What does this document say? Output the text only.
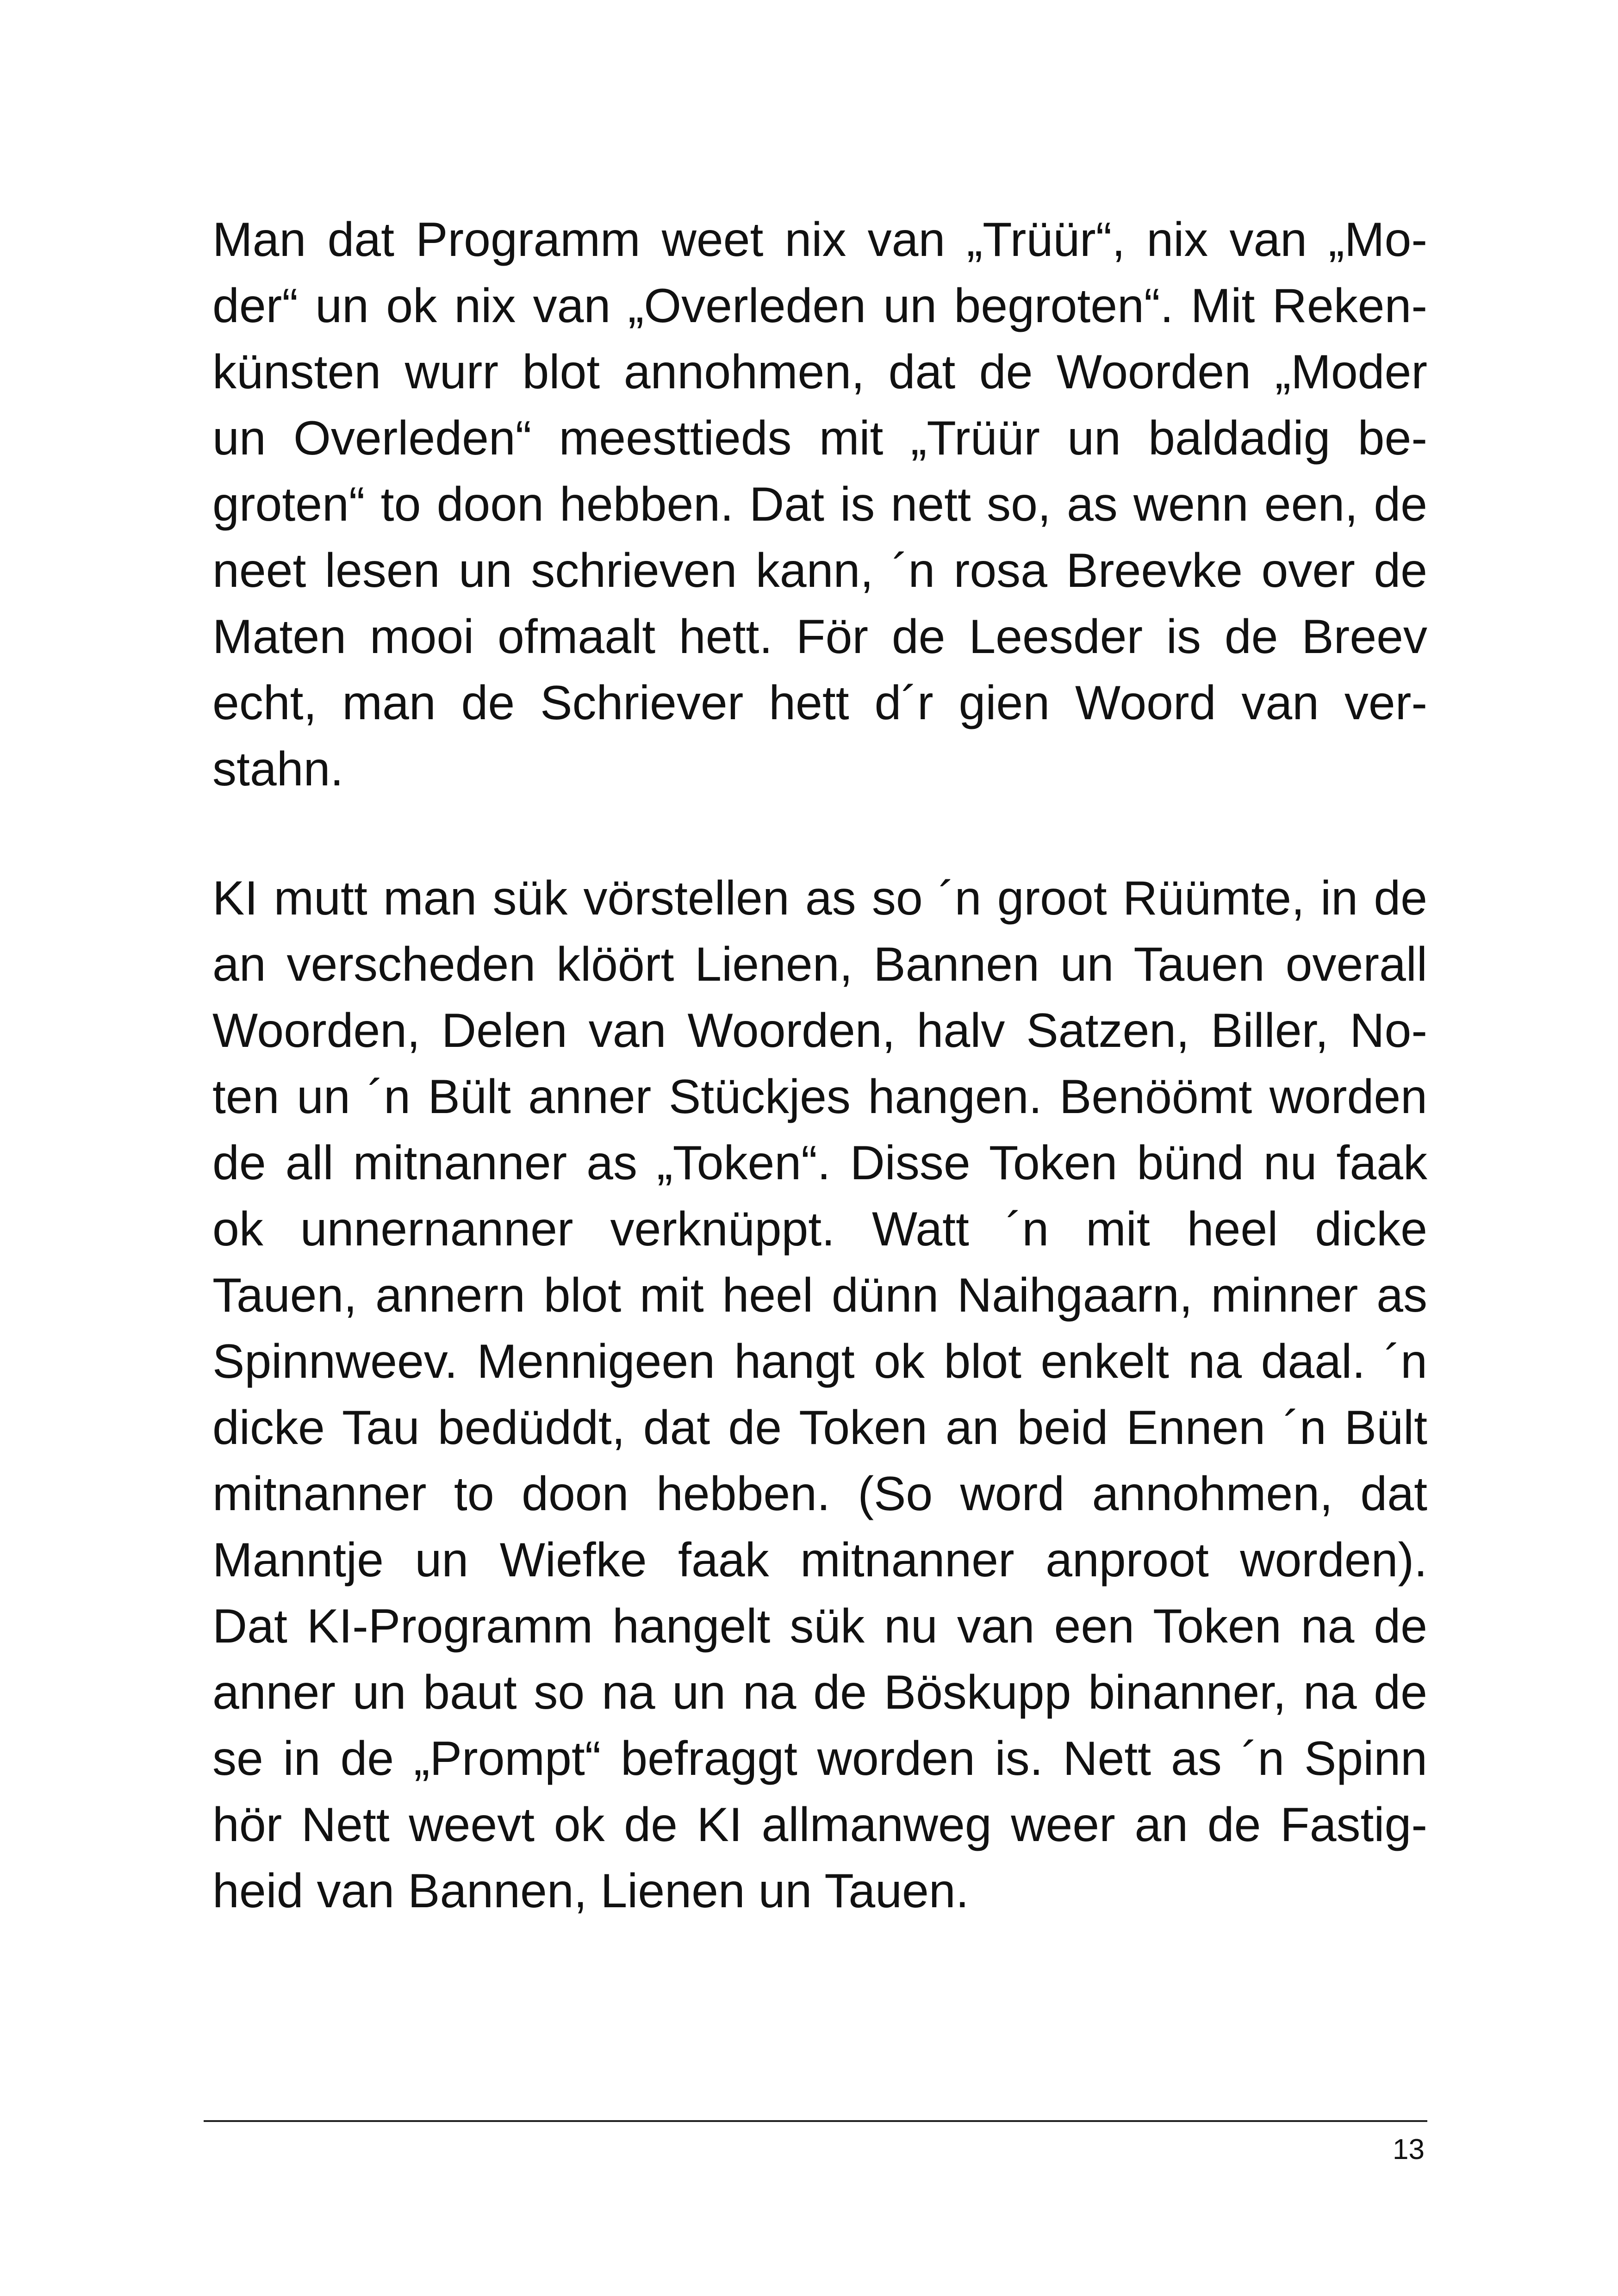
Man dat Programm weet nix van „Trüür“, nix van „Mo-
der“ un ok nix van „Overleden un begroten“. Mit Reken-
künsten wurr blot annohmen, dat de Woorden „Moder
un Overleden“ meesttieds mit „Trüür un baldadig be-
groten“ to doon hebben. Dat is nett so, as wenn een, de
neet lesen un schrieven kann, ´n rosa Breevke over de
Maten mooi ofmaalt hett. För de Leesder is de Breev
echt, man de Schriever hett d´r gien Woord van ver-
stahn.
KI mutt man sük vörstellen as so ´n groot Rüümte, in de
an verscheden klöört Lienen, Bannen un Tauen overall
Woorden, Delen van Woorden, halv Satzen, Biller, No-
ten un ´n Bült anner Stückjes hangen. Benöömt worden
de all mitnanner as „Token“. Disse Token bünd nu faak
ok unnernanner verknüppt. Watt ´n mit heel dicke
Tauen, annern blot mit heel dünn Naihgaarn, minner as
Spinnweev. Mennigeen hangt ok blot enkelt na daal. ´n
dicke Tau bedüddt, dat de Token an beid Ennen ´n Bült
mitnanner to doon hebben. (So word annohmen, dat
Manntje un Wiefke faak mitnanner anproot worden).
Dat KI-Programm hangelt sük nu van een Token na de
anner un baut so na un na de Böskupp binanner, na de
se in de „Prompt“ befraggt worden is. Nett as ´n Spinn
hör Nett weevt ok de KI allmanweg weer an de Fastig-
heid van Bannen, Lienen un Tauen.
13
